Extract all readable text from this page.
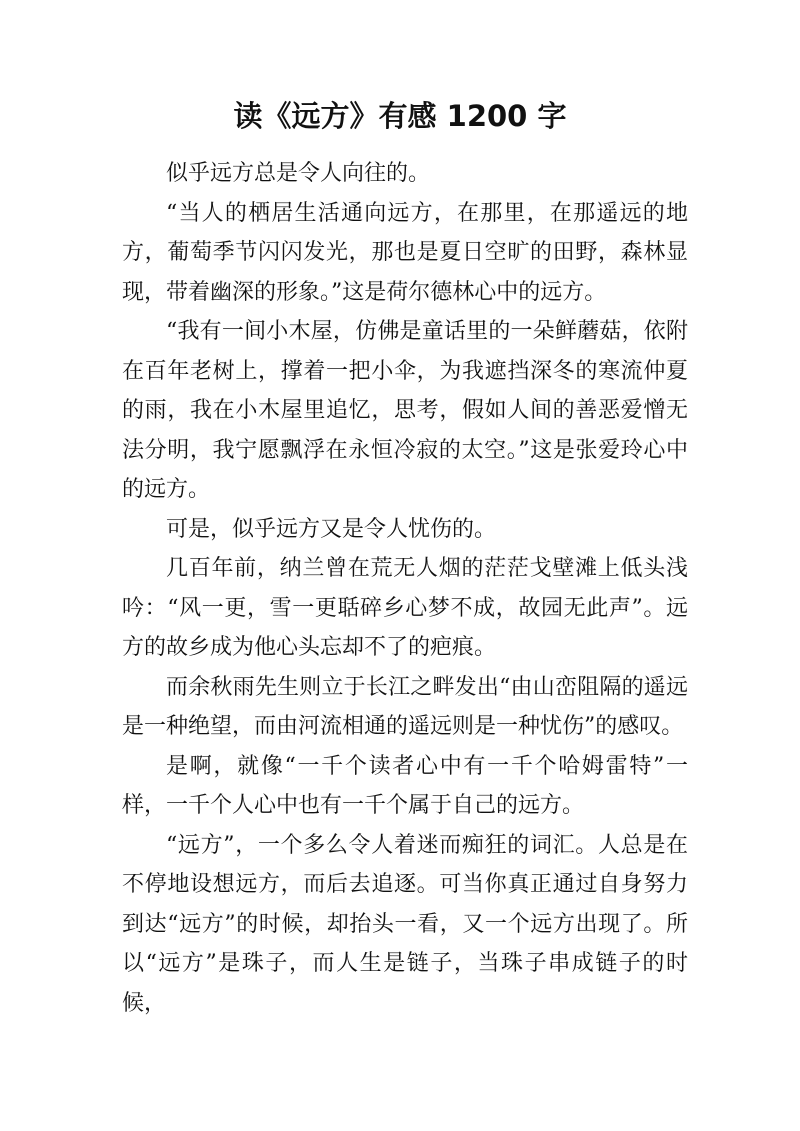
读《远方》有感 1200 字

似乎远方总是令人向往的。

“当人的栖居生活通向远方，在那里，在那遥远的地方，葡萄季节闪闪发光，那也是夏日空旷的田野，森林显现，带着幽深的形象。”这是荷尔德林心中的远方。

“我有一间小木屋，仿佛是童话里的一朵鲜蘑菇，依附在百年老树上，撑着一把小伞，为我遮挡深冬的寒流仲夏的雨，我在小木屋里追忆，思考，假如人间的善恶爱憎无法分明，我宁愿飘浮在永恒冷寂的太空。”这是张爱玲心中的远方。

可是，似乎远方又是令人忧伤的。

几百年前，纳兰曾在荒无人烟的茫茫戈壁滩上低头浅吟：“风一更，雪一更聒碎乡心梦不成，故园无此声”。远方的故乡成为他心头忘却不了的疤痕。

而余秋雨先生则立于长江之畔发出“由山峦阻隔的遥远是一种绝望，而由河流相通的遥远则是一种忧伤”的感叹。

是啊，就像“一千个读者心中有一千个哈姆雷特”一样，一千个人心中也有一千个属于自己的远方。

“远方”，一个多么令人着迷而痴狂的词汇。人总是在不停地设想远方，而后去追逐。可当你真正通过自身努力到达“远方”的时候，却抬头一看，又一个远方出现了。所以“远方”是珠子，而人生是链子，当珠子串成链子的时候，
